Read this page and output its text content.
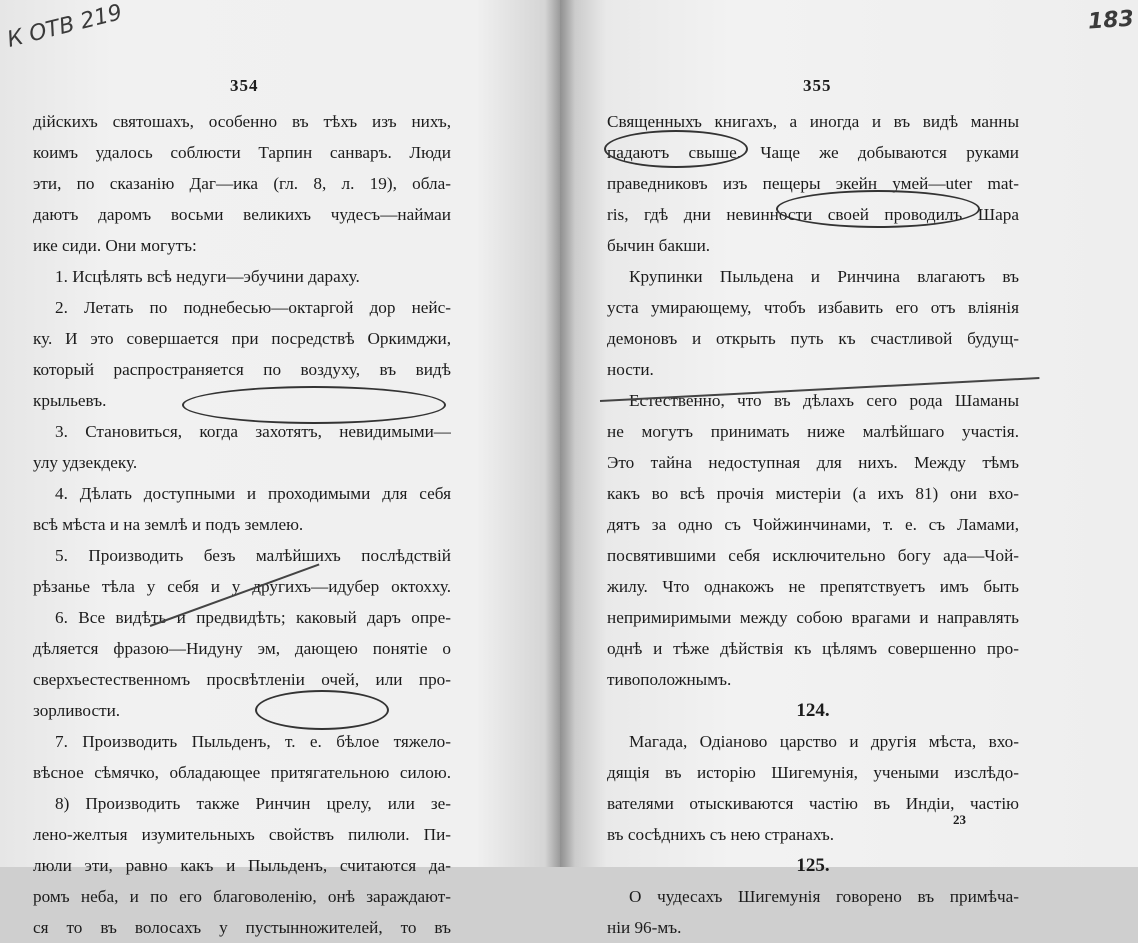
354
дійскихъ святошахъ, особенно въ тѣхъ изъ нихъ,
коимъ удалось соблюсти Тарпин санваръ. Люди
эти, по сказанію Даг—ика (гл. 8, л. 19), обла-
даютъ даромъ восьми великихъ чудесъ—наймаи
ике сиди. Они могутъ:
1. Исцѣлять всѣ недуги—эбучини дараху.
2. Летать по поднебесью—октаргой дор нейс-
ку. И это совершается при посредствѣ Оркимджи,
который распространяется по воздуху, въ видѣ
крыльевъ.
3. Становиться, когда захотятъ, невидимыми—
улу удзекдеку.
4. Дѣлать доступными и проходимыми для себя
всѣ мѣста и на землѣ и подъ землею.
5. Производить безъ малѣйшихъ послѣдствій
рѣзанье тѣла у себя и у другихъ—идубер октохху.
6. Все видѣть и предвидѣть; каковый даръ опре-
дѣляется фразою—Нидуну эм, дающею понятіе о
сверхъестественномъ просвѣтленіи очей, или про-
зорливости.
7. Производить Пыльденъ, т. е. бѣлое тяжело-
вѣсное сѣмячко, обладающее притягательною силою.
8) Производить также Ринчин црелу, или зе-
лено-желтыя изумительныхъ свойствъ пилюли. Пи-
люли эти, равно какъ и Пыльденъ, считаются да-
ромъ неба, и по его благоволенію, онѣ зараждают-
ся то въ волосахъ у пустынножителей, то въ
355
Священныхъ книгахъ, а иногда и въ видѣ манны
падаютъ свыше. Чаще же добываются руками
праведниковъ изъ пещеры экейн умей—uter mat-
ris, гдѣ дни невинности своей проводилъ Шара
бычин бакши.
Крупинки Пыльдена и Ринчина влагаютъ въ
уста умирающему, чтобъ избавить его отъ вліянія
демоновъ и открыть путь къ счастливой будущ-
ности.
Естественно, что въ дѣлахъ сего рода Шаманы
не могутъ принимать ниже малѣйшаго участія.
Это тайна недоступная для нихъ. Между тѣмъ
какъ во всѣ прочія мистеріи (а ихъ 81) они вхо-
дятъ за одно съ Чойжинчинами, т. е. съ Ламами,
посвятившими себя исключительно богу ада—Чой-
жилу. Что однакожъ не препятствуетъ имъ быть
непримиримыми между собою врагами и направлять
однѣ и тѣже дѣйствія къ цѣлямъ совершенно про-
тивоположнымъ.
124.
Магада, Одіаново царство и другія мѣста, вхо-
дящія въ исторію Шигемунія, учеными изслѣдо-
вателями отыскиваются частію въ Индіи, частію
въ сосѣднихъ съ нею странахъ.
125.
О чудесахъ Шигемунія говорено въ примѣча-
ніи 96-мъ.
23
К ОТВ 219	183
